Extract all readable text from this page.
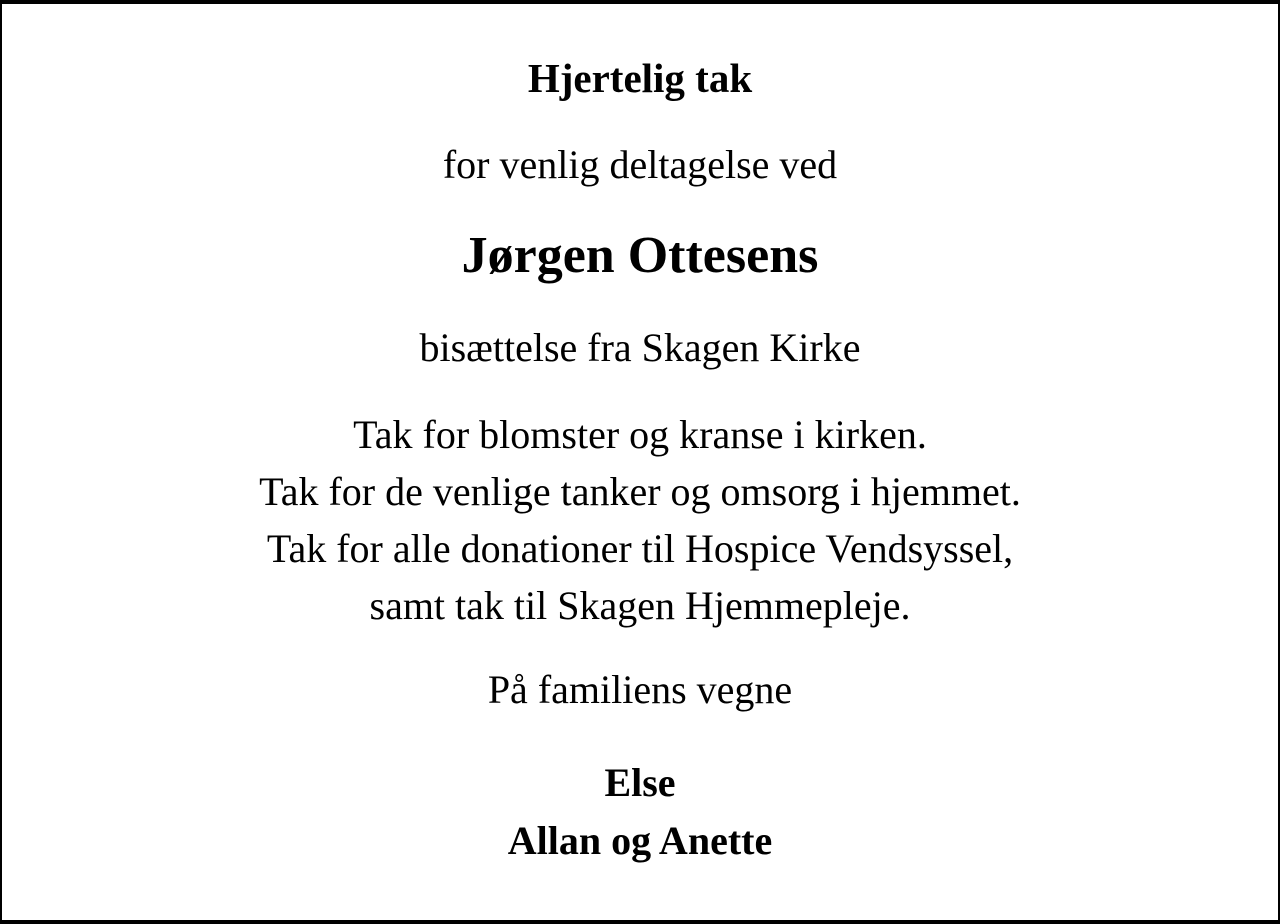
Hjertelig tak
for venlig deltagelse ved
Jørgen Ottesens
bisættelse fra Skagen Kirke
Tak for blomster og kranse i kirken.
Tak for de venlige tanker og omsorg i hjemmet.
Tak for alle donationer til Hospice Vendsyssel,
samt tak til Skagen Hjemmepleje.
På familiens vegne
Else
Allan og Anette
